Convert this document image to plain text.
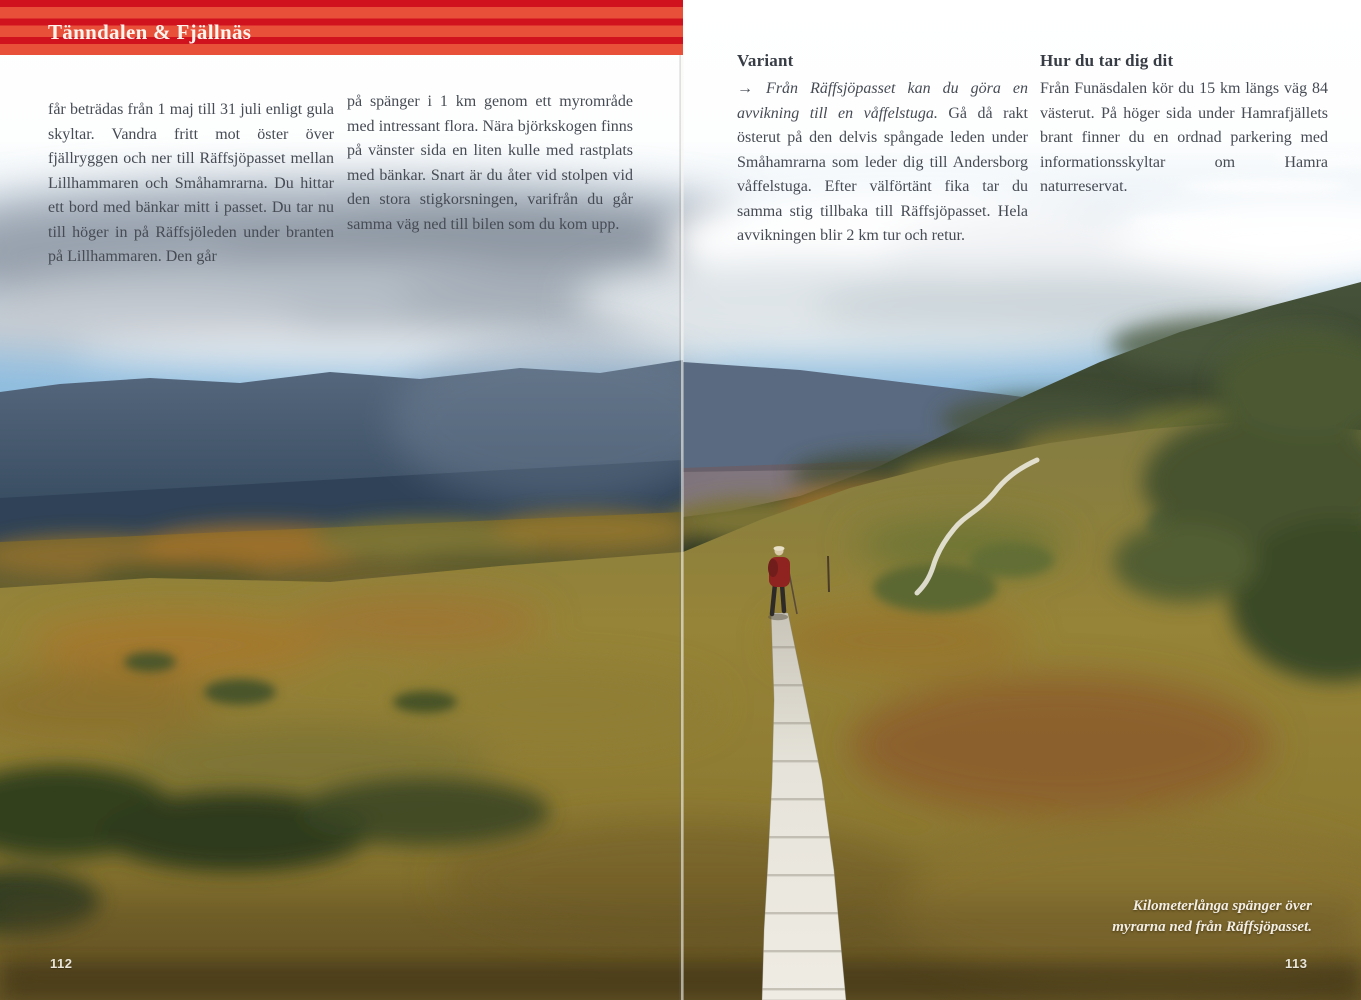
Tänndalen & Fjällnäs

får beträdas från 1 maj till 31 juli enligt gula skyltar. Vandra fritt mot öster över fjällryggen och ner till Räffsjöpasset mellan Lillhammaren och Småhamrarna. Du hittar ett bord med bänkar mitt i passet. Du tar nu till höger in på Räffsjöleden under branten på Lillhammaren. Den går

på spänger i 1 km genom ett myrområde med intressant flora. Nära björkskogen finns på vänster sida en liten kulle med rastplats med bänkar. Snart är du åter vid stolpen vid den stora stigkorsningen, varifrån du går samma väg ned till bilen som du kom upp.

Variant

→ Från Räffsjöpasset kan du göra en avvikning till en våffelstuga. Gå då rakt österut på den delvis spångade leden under Småhamrarna som leder dig till Andersborg våffelstuga. Efter välförtänt fika tar du samma stig tillbaka till Räffsjöpasset. Hela avvikningen blir 2 km tur och retur.

Hur du tar dig dit

Från Funäsdalen kör du 15 km längs väg 84 västerut. På höger sida under Hamrafjällets brant finner du en ordnad parkering med informationsskyltar om Hamra naturreservat.

Kilometerlånga spänger över
myrarna ned från Räffsjöpasset.
112	113
